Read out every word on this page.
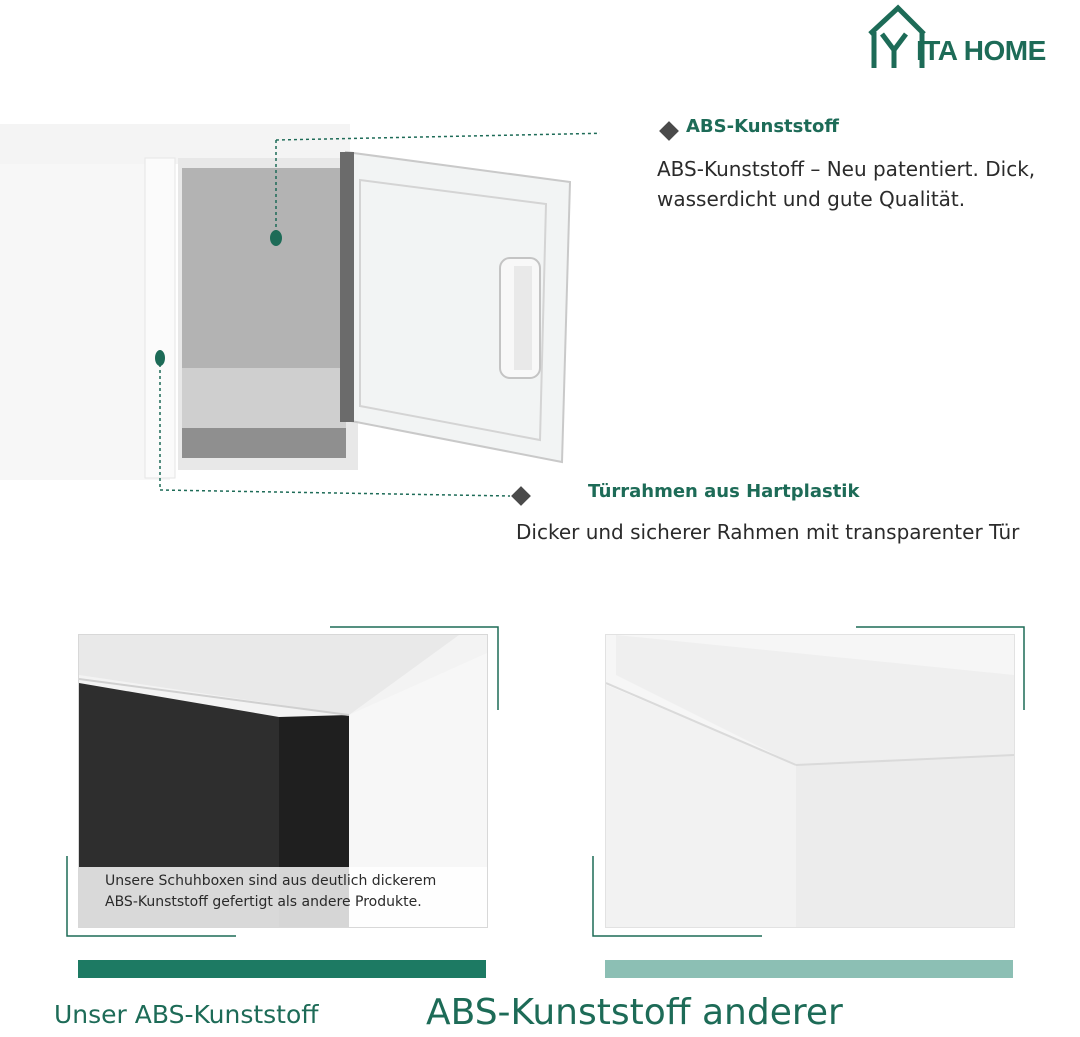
ITA HOME
ABS-Kunststoff
ABS-Kunststoff – Neu patentiert. Dick,
wasserdicht und gute Qualität.
Türrahmen aus Hartplastik
Dicker und sicherer Rahmen mit transparenter Tür
Unsere Schuhboxen sind aus deutlich dickerem
ABS-Kunststoff gefertigt als andere Produkte.
Unser ABS-Kunststoff	ABS-Kunststoff anderer
